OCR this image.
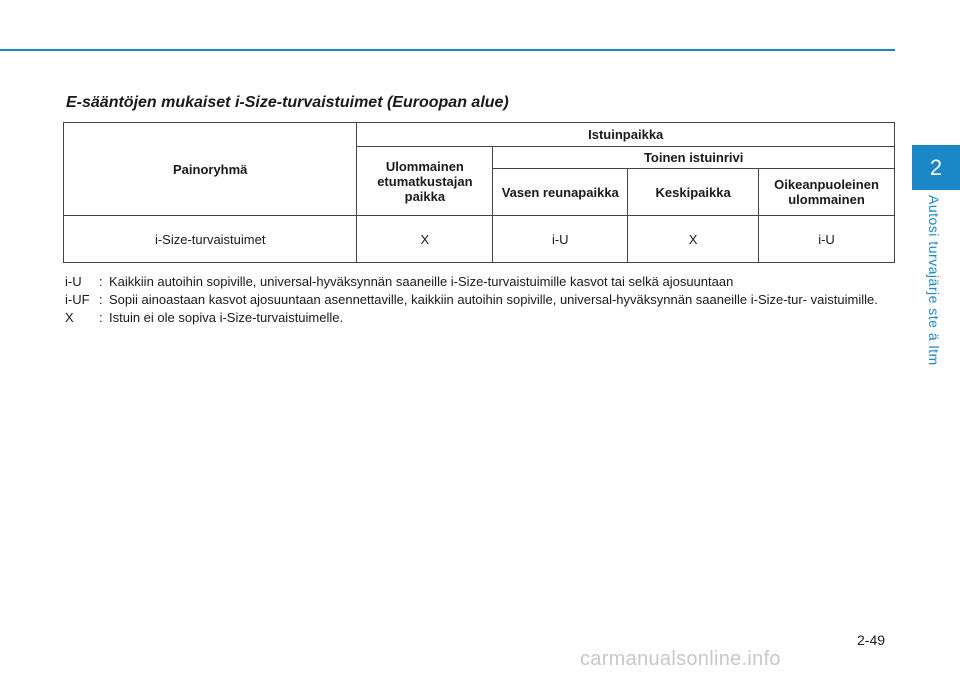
2
Autosi turvajärje ste ä ltm
E-sääntöjen mukaiset i-Size-turvaistuimet (Euroopan alue)
Painoryhmä	Istuinpaikka			
	Ulommainen etumatkustajan paikka	Toinen istuinrivi		
		Vasen reunapaikka	Keskipaikka	Oikeanpuoleinen ulommainen
i-Size-turvaistuimet	X	i-U	X	i-U
i-U	: Kaikkiin autoihin sopiville, universal-hyväksynnän saaneille i-Size-turvaistuimille kasvot tai selkä ajosuuntaan
i-UF : Sopii ainoastaan kasvot ajosuuntaan asennettaville, kaikkiin autoihin sopiville, universal-hyväksynnän saaneille i-Size-tur- vaistuimille.
X	: Istuin ei ole sopiva i-Size-turvaistuimelle.
2-49
carmanualsonline.info
